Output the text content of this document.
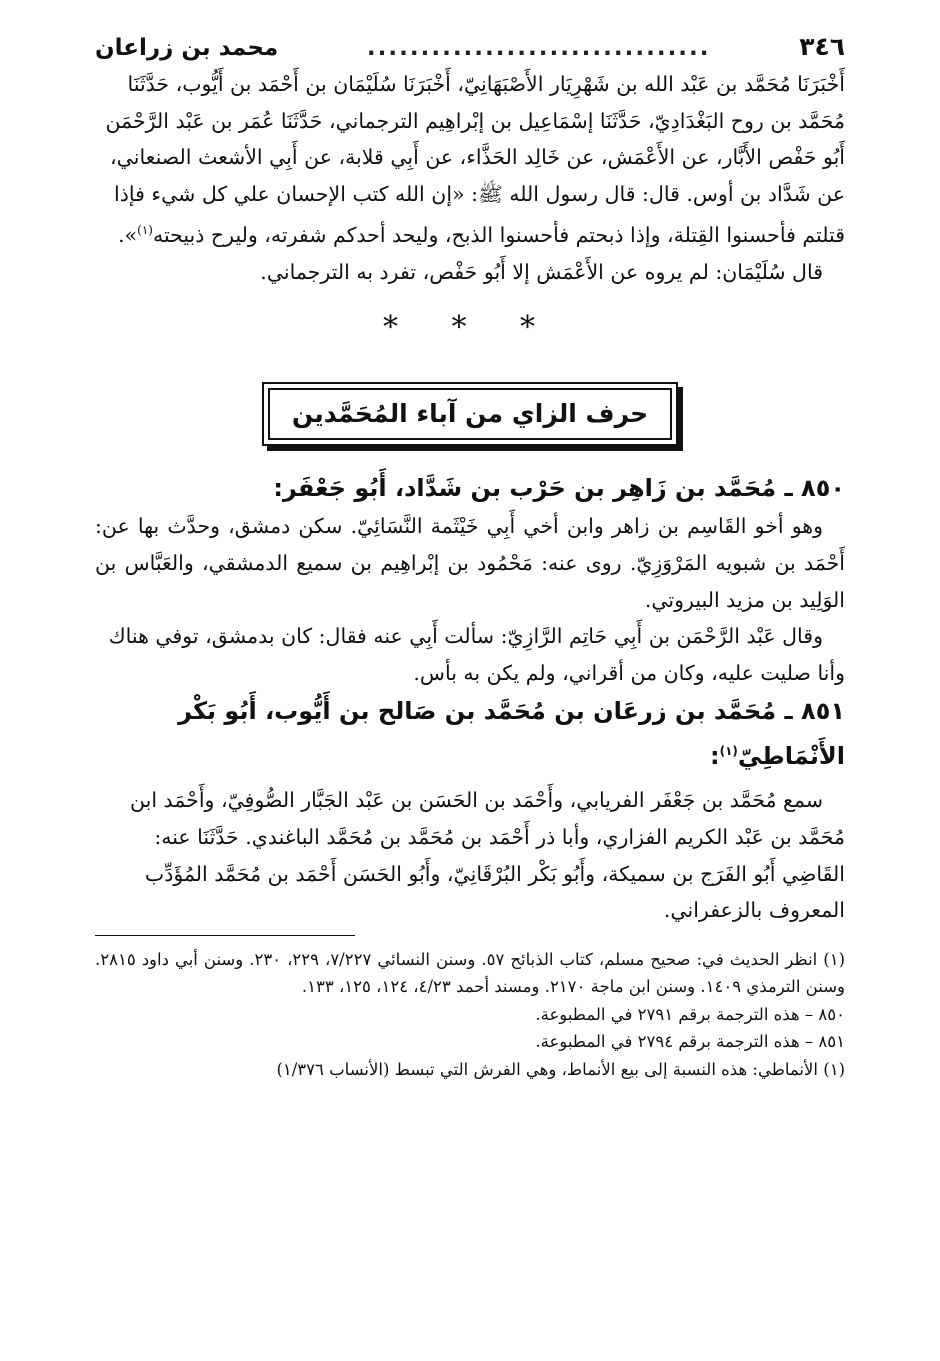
٣٤٦
................................
محمد بن زراعان

أَخْبَرَنَا مُحَمَّد بن عَبْد الله بن شَهْرِيَار الأَصْبَهَانِيّ، أَخْبَرَنَا سُلَيْمَان بن أَحْمَد بن أَيُّوب، حَدَّثَنَا مُحَمَّد بن روح البَغْدَادِيّ، حَدَّثَنَا إسْمَاعِيل بن إبْراهِيم الترجماني، حَدَّثَنَا عُمَر بن عَبْد الرَّحْمَن أَبُو حَفْص الأَبَّار، عن الأَعْمَش، عن خَالِد الحَذَّاء، عن أَبِي قلابة، عن أَبِي الأشعث الصنعاني، عن شَدَّاد بن أوس. قال: قال رسول الله ﷺ: «إن الله كتب الإحسان علي كل شيء فإذا قتلتم فأحسنوا القِتلة، وإذا ذبحتم فأحسنوا الذبح، وليحد أحدكم شفرته، وليرح ذبيحته$^{(١)}$».

قال سُلَيْمَان: لم يروه عن الأَعْمَش إلا أَبُو حَفْص، تفرد به الترجماني.

* * *
حرف الزاي من آباء المُحَمَّدين

٨٥٠ ـ مُحَمَّد بن زَاهِر بن حَرْب بن شَدَّاد، أَبُو جَعْفَر:

وهو أخو القَاسِم بن زاهر وابن أخي أَبِي خَيْثَمة النَّسَائِيّ. سكن دمشق، وحدَّث بها عن: أَحْمَد بن شبويه المَرْوَزِيّ. روى عنه: مَحْمُود بن إبْراهِيم بن سميع الدمشقي، والعَبَّاس بن الوَلِيد بن مزيد البيروتي.

وقال عَبْد الرَّحْمَن بن أَبِي حَاتِم الرَّازِيّ: سألت أَبِي عنه فقال: كان بدمشق، توفي هناك وأنا صليت عليه، وكان من أقراني، ولم يكن به بأس.

٨٥١ ـ مُحَمَّد بن زرعَان بن مُحَمَّد بن صَالح بن أَيُّوب، أَبُو بَكْر الأَنْمَاطِيّ$^{(١)}$:

سمع مُحَمَّد بن جَعْفَر الفريابي، وأَحْمَد بن الحَسَن بن عَبْد الجَبَّار الصُّوفِيّ، وأَحْمَد ابن مُحَمَّد بن عَبْد الكريم الفزاري، وأبا ذر أَحْمَد بن مُحَمَّد بن مُحَمَّد الباغندي. حَدَّثَنَا عنه: القَاضِي أَبُو الفَرَج بن سميكة، وأَبُو بَكْر البُرْقَانِيّ، وأَبُو الحَسَن أَحْمَد بن مُحَمَّد المُؤَدِّب المعروف بالزعفراني.

(١) انظر الحديث في: صحيح مسلم، كتاب الذبائح ٥٧. وسنن النسائي ٧/٢٢٧، ٢٢٩، ٢٣٠. وسنن أبي داود ٢٨١٥. وسنن الترمذي ١٤٠٩. وسنن ابن ماجة ٢١٧٠. ومسند أحمد ٤/٢٣، ١٢٤، ١٢٥، ١٣٣.

٨٥٠ – هذه الترجمة برقم ٢٧٩١ في المطبوعة.

٨٥١ – هذه الترجمة برقم ٢٧٩٤ في المطبوعة.

(١) الأنماطي: هذه النسبة إلى بيع الأنماط، وهي الفرش التي تبسط (الأنساب ١/٣٧٦)
